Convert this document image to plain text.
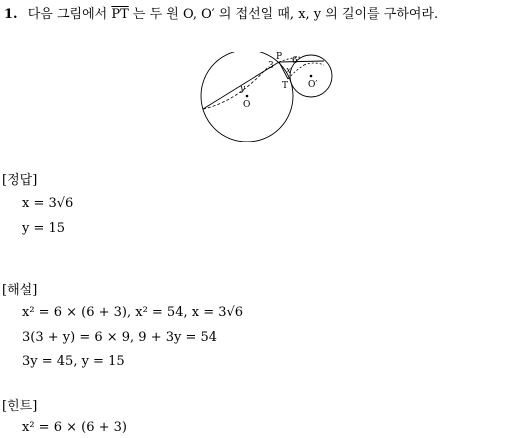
1. 다음 그림에서 $\overline{PT}$ 는 두 원 O, O′ 의 접선일 때, x, y 의 길이를 구하여라.
P
T
O
O′
3 6
x
y
[정답]
x = 3√6
y = 15
[해설]
x² = 6 × (6 + 3), x² = 54, x = 3√6
3(3 + y) = 6 × 9, 9 + 3y = 54
3y = 45, y = 15
[힌트]
x² = 6 × (6 + 3)
